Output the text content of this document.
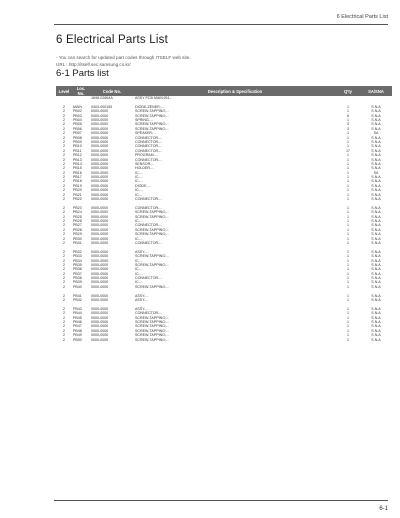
6 Electrical Parts List
6 Electrical Parts List
- You can search for updated part codes through ITSELF web site.
URL : http://itself.sec.samsung.co.kr/
6-1 Parts list
Level	Loc. No.	Code No.	Description & Specification	Q'ty	SA/SNA
		JA96-02664A	ASSY PCB MAIN;IS4...		

2	MAIN	0403-000155	DIODE-ZENER;...	1	S.N.A
2	PB02	0000-0000	SCREW-TAPPING;...	1	S.N.A
2	PB03	0000-0000	SCREW-TAPPING;...	6	S.N.A
2	PB04	0000-0000	SPRING-...	1	S.N.A
2	PB05	0000-0000	SCREW-TAPPING;...	3	S.N.A
2	PB06	0000-0000	SCREW-TAPPING;...	3	S.N.A
2	PB07	0000-0000	SPEAKER;...	1	SA
2	PB08	0000-0000	CONNECTOR-...	1	S.N.A
2	PB09	0000-0000	CONNECTOR-...	1	S.N.A
2	PB10	0000-0000	CONNECTOR-...	1	S.N.A
2	PB11	0000-0000	CONNECTOR-...	17	S.N.A
2	PB12	0000-0000	PROGRAM-...	1	S.N.A
2	PB13	0000-0000	CONNECTOR-...	1	S.N.A
2	PB14	0000-0000	SENSOR-...	1	S.N.A
2	PB15	0000-0000	HOLDER-...	1	S.N.A
2	PB16	0000-0000	IC-...	1	SA
2	PB17	0000-0000	IC-...	1	S.N.A
2	PB18	0000-0000	IC-...	1	S.N.A
2	PB19	0000-0000	DIODE-...	1	S.N.A
2	PB20	0000-0000	IC-...	1	S.N.A
2	PB21	0000-0000	IC-...	1	S.N.A
2	PB22	0000-0000	CONNECTOR-...	1	S.N.A

2	PB23	0000-0000	CONNECTOR-...	1	S.N.A
2	PB24	0000-0000	SCREW-TAPPING;...	1	S.N.A
2	PB25	0000-0000	SCREW-TAPPING;...	1	S.N.A
2	PB26	0000-0000	IC-...	1	S.N.A
2	PB27	0000-0000	CONNECTOR-...	1	S.N.A
2	PB28	0000-0000	SCREW-TAPPING;...	1	S.N.A
2	PB29	0000-0000	SCREW-TAPPING;...	1	S.N.A
2	PB30	0000-0000	IC-...	1	S.N.A
2	PB31	0000-0000	CONNECTOR-...	1	S.N.A

2	PB32	0000-0000	ASSY-...	1	S.N.A
2	PB33	0000-0000	SCREW-TAPPING;...	1	S.N.A
2	PB34	0000-0000	IC-...	1	S.N.A
2	PB35	0000-0000	SCREW-TAPPING;...	1	S.N.A
2	PB36	0000-0000	IC-...	1	S.N.A
2	PB37	0000-0000	IC-...	1	S.N.A
2	PB38	0000-0000	CONNECTOR-...	1	S.N.A
2	PB39	0000-0000	IC-...	1	S.N.A
2	PB40	0000-0000	SCREW-TAPPING;...	1	S.N.A

2	PB41	0000-0000	ASSY-...	1	S.N.A
2	PB42	0000-0000	ASSY-...	1	S.N.A

2	PB43	0000-0000	ASSY-...	1	S.N.A
2	PB44	0000-0000	CONNECTOR-...	1	S.N.A
2	PB45	0000-0000	SCREW-TAPPING;...	1	S.N.A
2	PB46	0000-0000	SCREW-TAPPING;...	1	S.N.A
2	PB47	0000-0000	SCREW-TAPPING;...	1	S.N.A
2	PB48	0000-0000	SCREW-TAPPING;...	1	S.N.A
2	PB49	0000-0000	SCREW-TAPPING;...	1	S.N.A
2	PB50	0000-0000	SCREW-TAPPING;...	1	S.N.A
6-1
